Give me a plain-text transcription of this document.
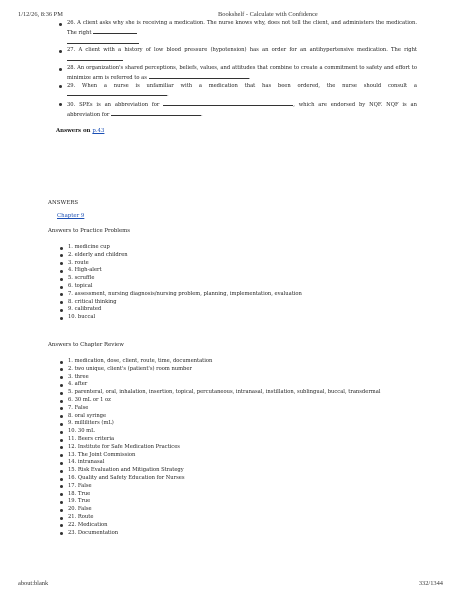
1/12/26, 8:36 PM	Bookshelf - Calculate with Confidence
26. A client asks why she is receiving a medication. The nurse knows why, does not tell the client, and administers the medication. The right

27. A client with a history of low blood pressure (hypotension) has an order for an antihypertensive medication. The right
28. An organization's shared perceptions, beliefs, values, and attitudes that combine to create a commitment to safety and effort to minimize arm is referred to as	.
29. When a nurse is unfamiliar with a medication that has been ordered, the nurse should consult a .
30. SPEs is an abbreviation for	, which are endorsed by NQF. NQF is an abbreviation for	.
Answers on p.43
ANSWERS
Chapter 9
Answers to Practice Problems
1. medicine cup
2. elderly and children
3. route
4. High-alert
5. scruffle
6. topical
7. assessment, nursing diagnosis/nursing problem, planning, implementation, evaluation
8. critical thinking
9. calibrated
10. buccal
Answers to Chapter Review
1. medication, dose, client, route, time, documentation
2. two unique, client's (patient's) room number
3. three
4. after
5. parenteral, oral, inhalation, insertion, topical, percutaneous, intranasal, instillation, sublingual, buccal, transdermal
6. 30 mL or 1 oz
7. False
8. oral syringe
9. milliliters (mL)
10. 30 mL
11. Beers criteria
12. Institute for Safe Medication Practices
13. The Joint Commission
14. intranasal
15. Risk Evaluation and Mitigation Strategy
16. Quality and Safety Education for Nurses
17. False
18. True
19. True
20. False
21. Route
22. Medication
23. Documentation
about:blank	332/1344
